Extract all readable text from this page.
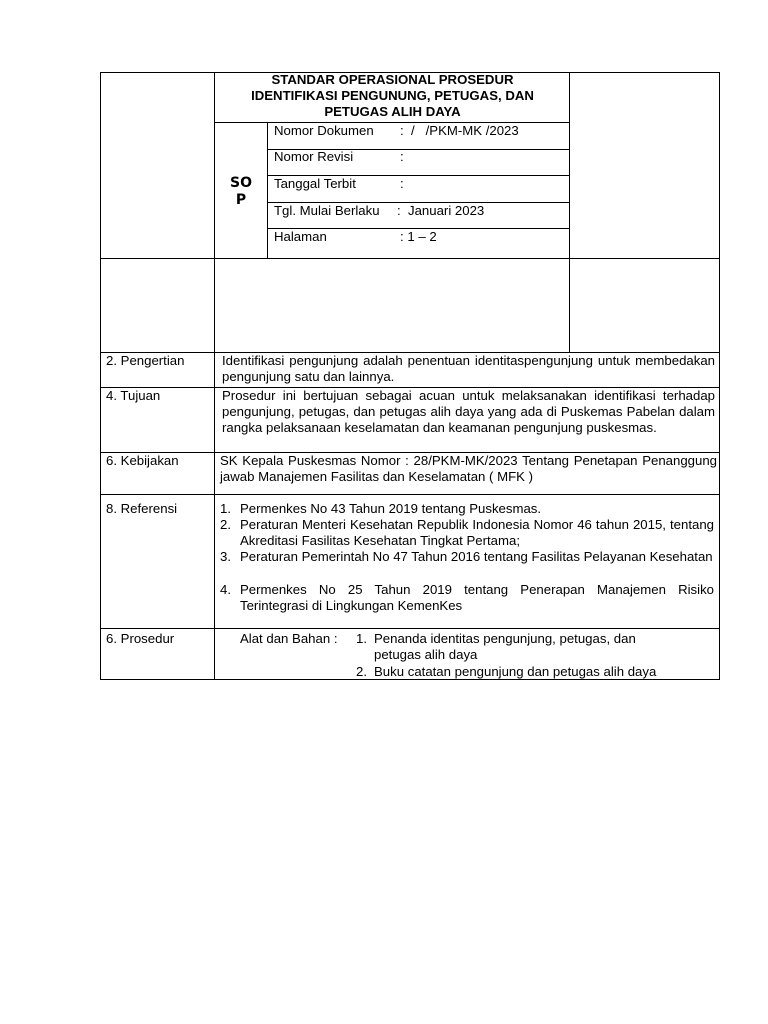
STANDAR OPERASIONAL PROSEDUR
IDENTIFIKASI PENGUNUNG, PETUGAS, DAN
PETUGAS ALIH DAYA
SO
P
Nomor Dokumen :  /   /PKM-MK /2023
Nomor Revisi	:
Tanggal Terbit	:
Tgl. Mulai Berlaku :  Januari 2023
Halaman	: 1 – 2
2. Pengertian	Identifikasi pengunjung adalah penentuan identitaspengunjung untuk membedakan pengunjung satu dan lainnya.
4. Tujuan	Prosedur ini bertujuan sebagai acuan untuk melaksanakan identifikasi terhadap pengunjung, petugas, dan petugas alih daya yang ada di Puskemas Pabelan dalam rangka pelaksanaan keselamatan dan keamanan pengunjung puskesmas.
6. Kebijakan	SK Kepala Puskesmas Nomor : 28/PKM-MK/2023 Tentang Penetapan Penanggung jawab Manajemen Fasilitas dan Keselamatan ( MFK )
8. Referensi	1. Permenkes No 43 Tahun 2019 tentang Puskesmas.
2. Peraturan Menteri Kesehatan Republik Indonesia Nomor 46 tahun 2015, tentang Akreditasi Fasilitas Kesehatan Tingkat Pertama;
3. Peraturan Pemerintah No 47 Tahun 2016 tentang Fasilitas Pelayanan Kesehatan
4. Permenkes No 25 Tahun 2019 tentang Penerapan Manajemen Risiko Terintegrasi di Lingkungan KemenKes
6. Prosedur	Alat dan Bahan : 1. Penanda identitas pengunjung, petugas, dan
petugas alih daya
2. Buku catatan pengunjung dan petugas alih daya
